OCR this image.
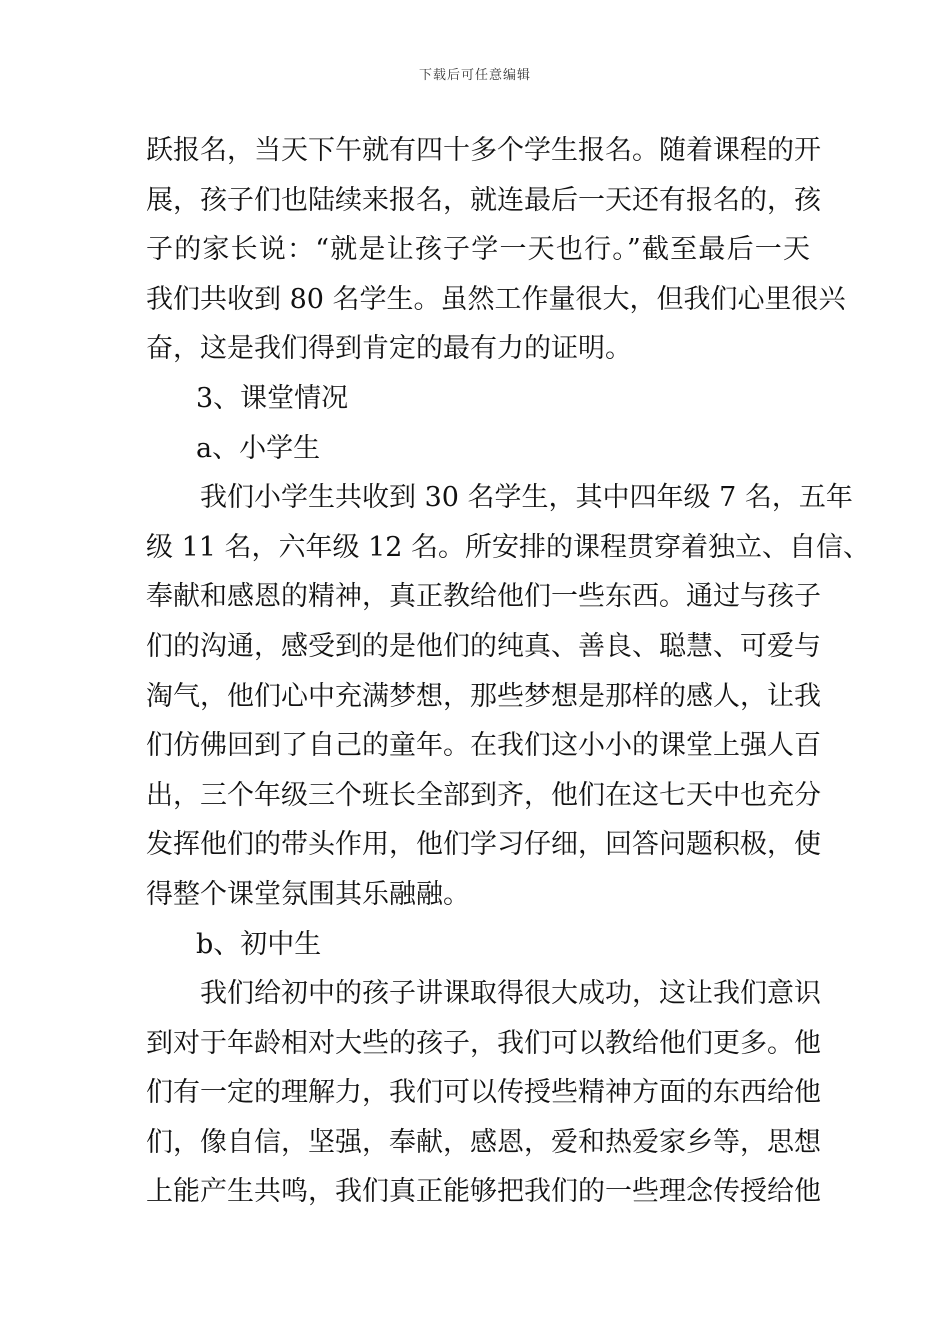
下载后可任意编辑
跃报名，当天下午就有四十多个学生报名。随着课程的开
展，孩子们也陆续来报名，就连最后一天还有报名的，孩
子的家长说：“就是让孩子学一天也行。”截至最后一天
我们共收到 80 名学生。虽然工作量很大，但我们心里很兴
奋，这是我们得到肯定的最有力的证明。
3、课堂情况
a、小学生
我们小学生共收到 30 名学生，其中四年级 7 名，五年
级 11 名，六年级 12 名。所安排的课程贯穿着独立、自信、
奉献和感恩的精神，真正教给他们一些东西。通过与孩子
们的沟通，感受到的是他们的纯真、善良、聪慧、可爱与
淘气，他们心中充满梦想，那些梦想是那样的感人，让我
们仿佛回到了自己的童年。在我们这小小的课堂上强人百
出，三个年级三个班长全部到齐，他们在这七天中也充分
发挥他们的带头作用，他们学习仔细，回答问题积极，使
得整个课堂氛围其乐融融。
b、初中生
我们给初中的孩子讲课取得很大成功，这让我们意识
到对于年龄相对大些的孩子，我们可以教给他们更多。他
们有一定的理解力，我们可以传授些精神方面的东西给他
们，像自信，坚强，奉献，感恩，爱和热爱家乡等，思想
上能产生共鸣，我们真正能够把我们的一些理念传授给他
